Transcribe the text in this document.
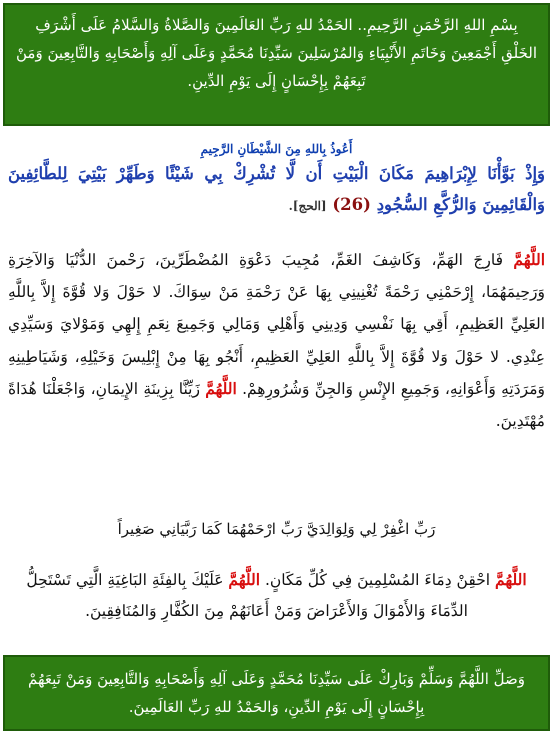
بِسْمِ اللهِ الرَّحْمَنِ الرَّحِيمِ.. الحَمْدُ للهِ رَبِّ العَالَمِينَ وَالصَّلاةُ وَالسَّلامُ عَلَى أَشْرَفِ الخَلْقِ أَجْمَعِينَ وَخَاتَمِ الأَنْبِيَاءِ وَالمُرْسَلِينَ سَيِّدِنَا مُحَمَّدٍ وَعَلَى آلِهِ وَأَصْحَابِهِ وَالتَّابِعِينَ وَمَنْ تَبِعَهُمْ بِإِحْسَانٍ إِلَى يَوْمِ الدِّينِ.
أَعُوذُ بِاللهِ مِنَ الشَّيْطَانِ الرَّجِيمِ
وَإِذْ بَوَّأْنَا لِإِبْرَاهِيمَ مَكَانَ الْبَيْتِ أَن لَّا تُشْرِكْ بِي شَيْئًا وَطَهِّرْ بَيْتِيَ لِلطَّائِفِينَ وَالْقَائِمِينَ وَالرُّكَّعِ السُّجُودِ (26) [الحج].
اللَّهُمَّ فَارِجَ الهَمِّ، وَكَاشِفَ الغَمِّ، مُجِيبَ دَعْوَةِ المُضْطَرِّينَ، رَحْمنَ الدُّنْيَا وَالآخِرَةِ وَرَحِيمَهُمَا، إِرْحَمْنِي رَحْمَةً تُغْنِينِي بِهَا عَنْ رَحْمَةِ مَنْ سِوَاكَ. لا حَوْلَ وَلا قُوَّةَ إِلاَّ بِاللَّهِ العَلِيِّ العَظِيمِ، أَقِي بِهَا نَفْسِي وَدِينِي وَأَهْلِي وَمَالِي وَجَمِيعَ نِعَمِ إِلهِي وَمَوْلايَ وَسَيِّدِي عِنْدِي. لا حَوْلَ وَلا قُوَّةَ إِلاَّ بِاللَّهِ العَلِيِّ العَظِيمِ، أَنْجُو بِهَا مِنْ إِبْلِيسَ وَخَيْلِهِ، وَشَيَاطِينِهِ وَمَرَدَتِهِ وَأَعْوَانِهِ، وَجَمِيعِ الإِنْسِ وَالجِنِّ وَشُرُورِهِمْ. اللَّهُمَّ زَيِّنَّا بِزِينَةِ الإِيمَانِ، وَاجْعَلْنَا هُدَاةً مُهْتَدِينَ.
رَبِّ اغْفِرْ لِي وَلِوَالِدَيَّ رَبِّ ارْحَمْهُمَا كَمَا رَبَّيَانِي صَغِيراً
اللَّهُمَّ احْقِنْ دِمَاءَ المُسْلِمِينَ فِي كُلِّ مَكَانٍ. اللَّهُمَّ عَلَيْكَ بِالفِئَةِ البَاغِيَةِ الَّتِي تَسْتَحِلُّ الدِّمَاءَ وَالأَمْوَالَ وَالأَعْرَاضَ وَمَنْ أَعَانَهُمْ مِنَ الكُفَّارِ وَالمُنَافِقِينَ.
وَصَلِّ اللَّهُمَّ وَسَلِّمْ وَبَارِكْ عَلَى سَيِّدِنَا مُحَمَّدٍ وَعَلَى آلِهِ وَأَصْحَابِهِ وَالتَّابِعِينَ وَمَنْ تَبِعَهُمْ بِإِحْسَانٍ إِلَى يَوْمِ الدِّينِ، وَالحَمْدُ للهِ رَبِّ العَالَمِينَ.
